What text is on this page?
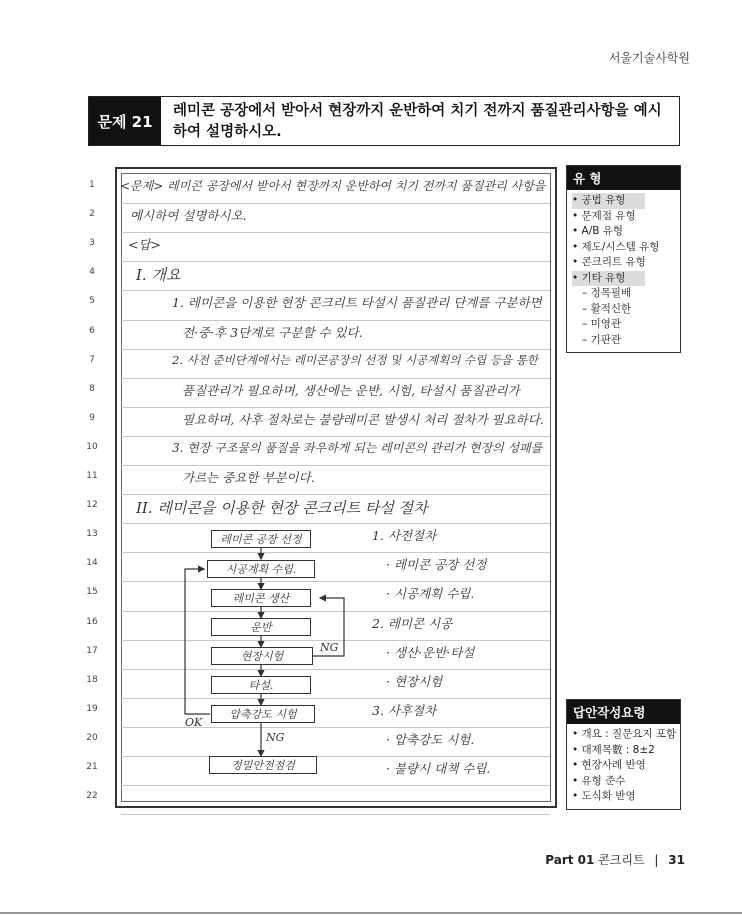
서울기술사학원
문제 21
레미콘 공장에서 받아서 현장까지 운반하여 치기 전까지 품질관리사항을 예시하여 설명하시오.
1	<문제> 레미콘 공장에서 받아서 현장까지 운반하여 치기 전까지 품질관리 사항을
2	예시하여 설명하시오.
3	<답>
4	I. 개요
5	1. 레미콘을 이용한 현장 콘크리트 타설시 품질관리 단계를 구분하면
6	전·중·후 3단계로 구분할 수 있다.
7	2. 사전 준비단계에서는 레미콘공장의 선정 및 시공계획의 수립 등을 통한
8	품질관리가 필요하며, 생산에는 운반, 시험, 타설시 품질관리가
9	필요하며, 사후 절차로는 불량레미콘 발생시 처리 절차가 필요하다.
10	3. 현장 구조물의 품질을 좌우하게 되는 레미콘의 관리가 현장의 성패를
11	가르는 중요한 부분이다.
12	II. 레미콘을 이용한 현장 콘크리트 타설 절차
13	1. 사전절차
14	· 레미콘 공장 선정
15	· 시공계획 수립.
16	2. 레미콘 시공
17	· 생산·운반·타설
18	· 현장시험
19	3. 사후절차
20	· 압축강도 시험.
21	· 불량시 대책 수립.
22
레미콘 공장 선정
시공계획 수립.
레미콘 생산
운반
현장시험
타설.
압축강도 시험
정밀안전점검
NG
OK
NG
유 형
• 공법 유형
• 문제점 유형
• A/B 유형
• 제도/시스템 유형
• 콘크리트 유형
• 기타 유형
– 정목필배
– 활적신한
– 미영관
– 기판관
답안작성요령
• 개요 : 질문요지 포함
• 대제목數 : 8±2
• 현장사례 반영
• 유형 준수
• 도식화 반영
Part 01 콘크리트 | 31
